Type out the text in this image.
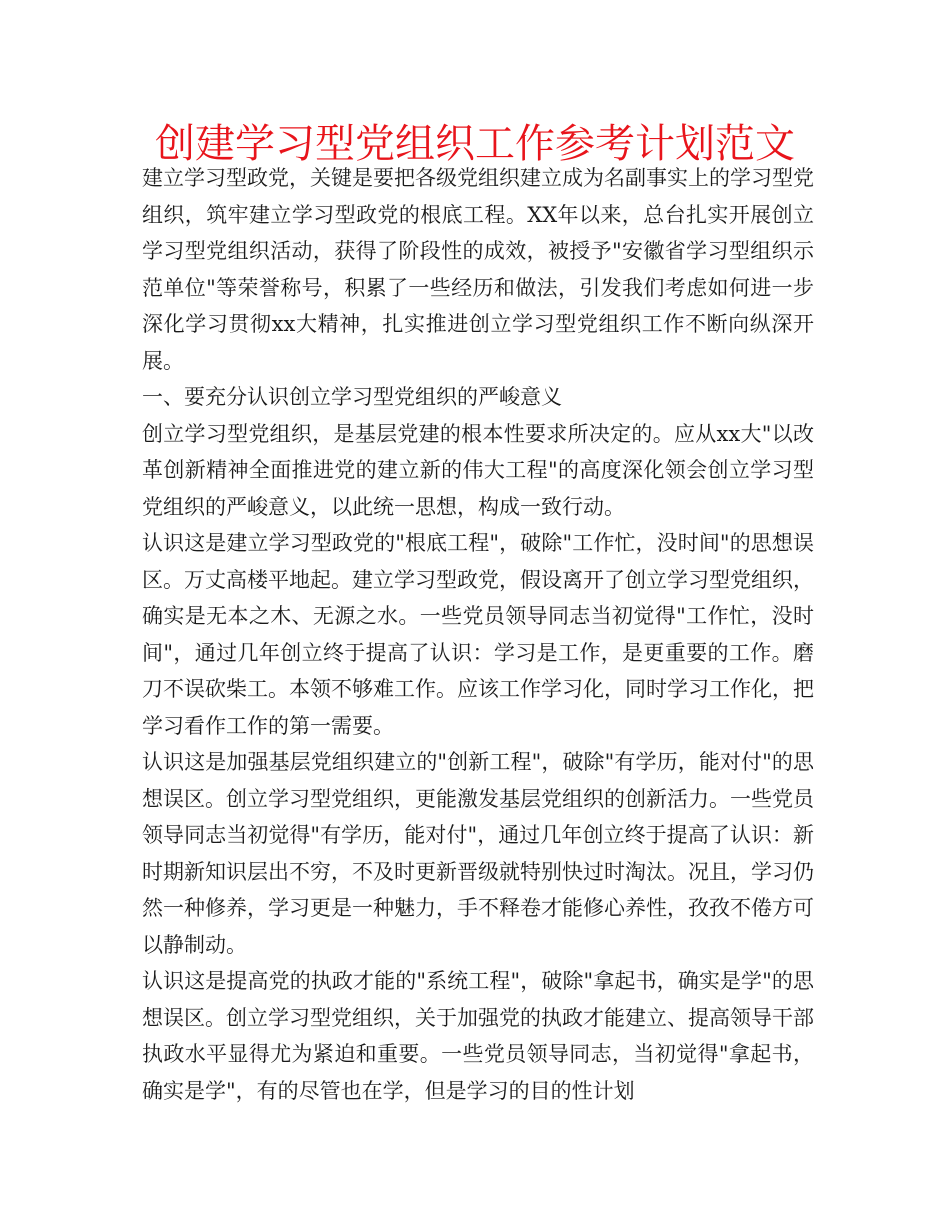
创建学习型党组织工作参考计划范文

建立学习型政党，关键是要把各级党组织建立成为名副事实上的学习型党组织，筑牢建立学习型政党的根底工程。XX年以来，总台扎实开展创立学习型党组织活动，获得了阶段性的成效，被授予"安徽省学习型组织示范单位"等荣誉称号，积累了一些经历和做法，引发我们考虑如何进一步深化学习贯彻xx大精神，扎实推进创立学习型党组织工作不断向纵深开展。

一、要充分认识创立学习型党组织的严峻意义

创立学习型党组织，是基层党建的根本性要求所决定的。应从xx大"以改革创新精神全面推进党的建立新的伟大工程"的高度深化领会创立学习型党组织的严峻意义，以此统一思想，构成一致行动。

认识这是建立学习型政党的"根底工程"，破除"工作忙，没时间"的思想误区。万丈高楼平地起。建立学习型政党，假设离开了创立学习型党组织，确实是无本之木、无源之水。一些党员领导同志当初觉得"工作忙，没时间"，通过几年创立终于提高了认识：学习是工作，是更重要的工作。磨刀不误砍柴工。本领不够难工作。应该工作学习化，同时学习工作化，把学习看作工作的第一需要。

认识这是加强基层党组织建立的"创新工程"，破除"有学历，能对付"的思想误区。创立学习型党组织，更能激发基层党组织的创新活力。一些党员领导同志当初觉得"有学历，能对付"，通过几年创立终于提高了认识：新时期新知识层出不穷，不及时更新晋级就特别快过时淘汰。况且，学习仍然一种修养，学习更是一种魅力，手不释卷才能修心养性，孜孜不倦方可以静制动。

认识这是提高党的执政才能的"系统工程"，破除"拿起书，确实是学"的思想误区。创立学习型党组织，关于加强党的执政才能建立、提高领导干部执政水平显得尤为紧迫和重要。一些党员领导同志，当初觉得"拿起书，确实是学"，有的尽管也在学，但是学习的目的性计划
